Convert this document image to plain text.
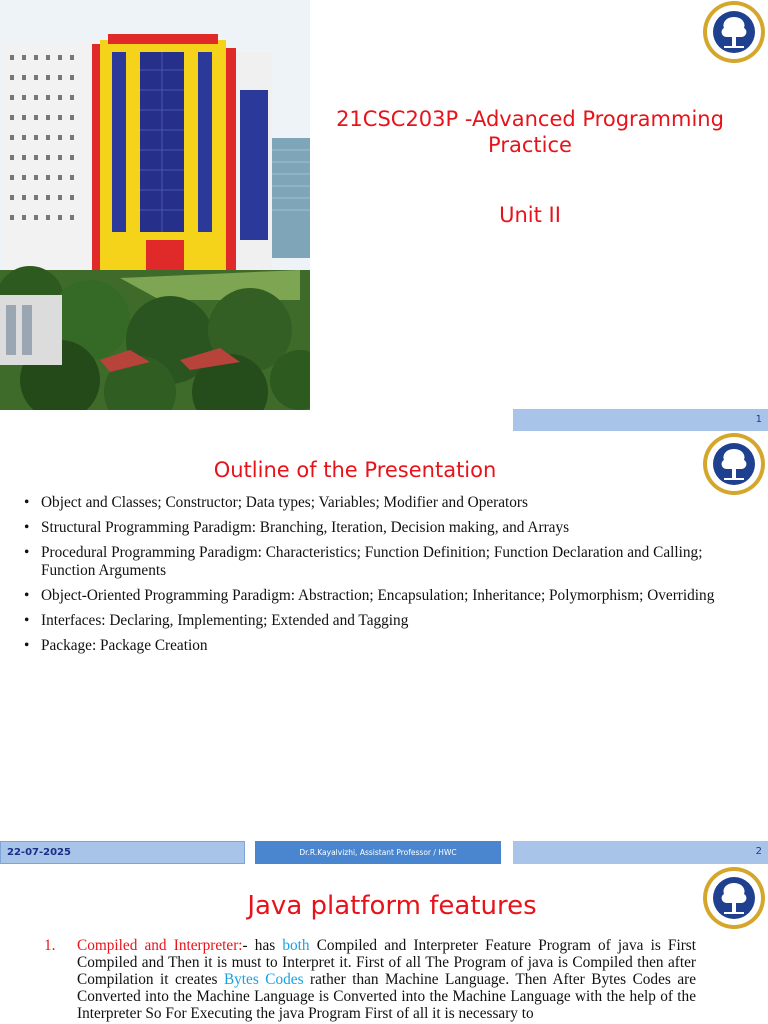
21CSC203P -Advanced Programming Practice
Unit II
1
Outline of the Presentation
• Object and Classes; Constructor; Data types; Variables; Modifier and Operators
• Structural Programming Paradigm: Branching, Iteration, Decision making, and Arrays
• Procedural Programming Paradigm: Characteristics; Function Definition; Function Declaration and Calling; Function Arguments
• Object-Oriented Programming Paradigm: Abstraction; Encapsulation; Inheritance; Polymorphism; Overriding
• Interfaces: Declaring, Implementing; Extended and Tagging
• Package: Package Creation
22-07-2025	Dr.R.Kayalvizhi, Assistant Professor / HWC	2
Java platform features
1. Compiled and Interpreter:- has both Compiled and Interpreter Feature Program of java is First Compiled and Then it is must to Interpret it. First of all The Program of java is Compiled then after Compilation it creates Bytes Codes rather than Machine Language. Then After Bytes Codes are Converted into the Machine Language is Converted into the Machine Language with the help of the Interpreter So For Executing the java Program First of all it is necessary to
